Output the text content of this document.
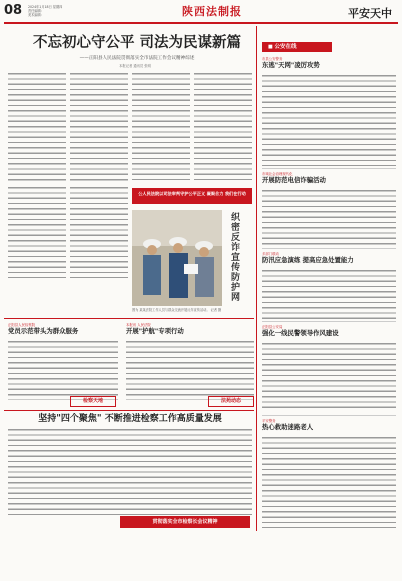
08 2024年1月18日 星期四
责任编辑：
美术编辑：	陕西法制报	平安天中
不忘初心守公平 司法为民谋新篇
——正阳县人民法院贯彻落实全市法院工作会议精神综述
本报记者 通讯员 张明
公人民法院以司法审判守护公平正义 凝聚合力 我们在行动
织密反诈宣传防护网
图为 某某法院工作人员与群众交流开展反诈宣传活动。 记者 摄
■ 公安在线
市县公安警务
东逃"天网"凌厉攻势
市域社会治理现代化
开展防范电信诈骗活动
多部门联动
防汛应急演练 提高应急处置能力
正阳县公安局
强化一线民警领导作风建设
平安警务
热心救助迷路老人
正阳县人民检察院
党员示范带头为群众服务
检察天地
本报讯 人民法院
开展"护航"专项行动
法苑动态
坚持"四个聚焦" 不断推进检察工作高质量发展
贯彻落实全市检察长会议精神
